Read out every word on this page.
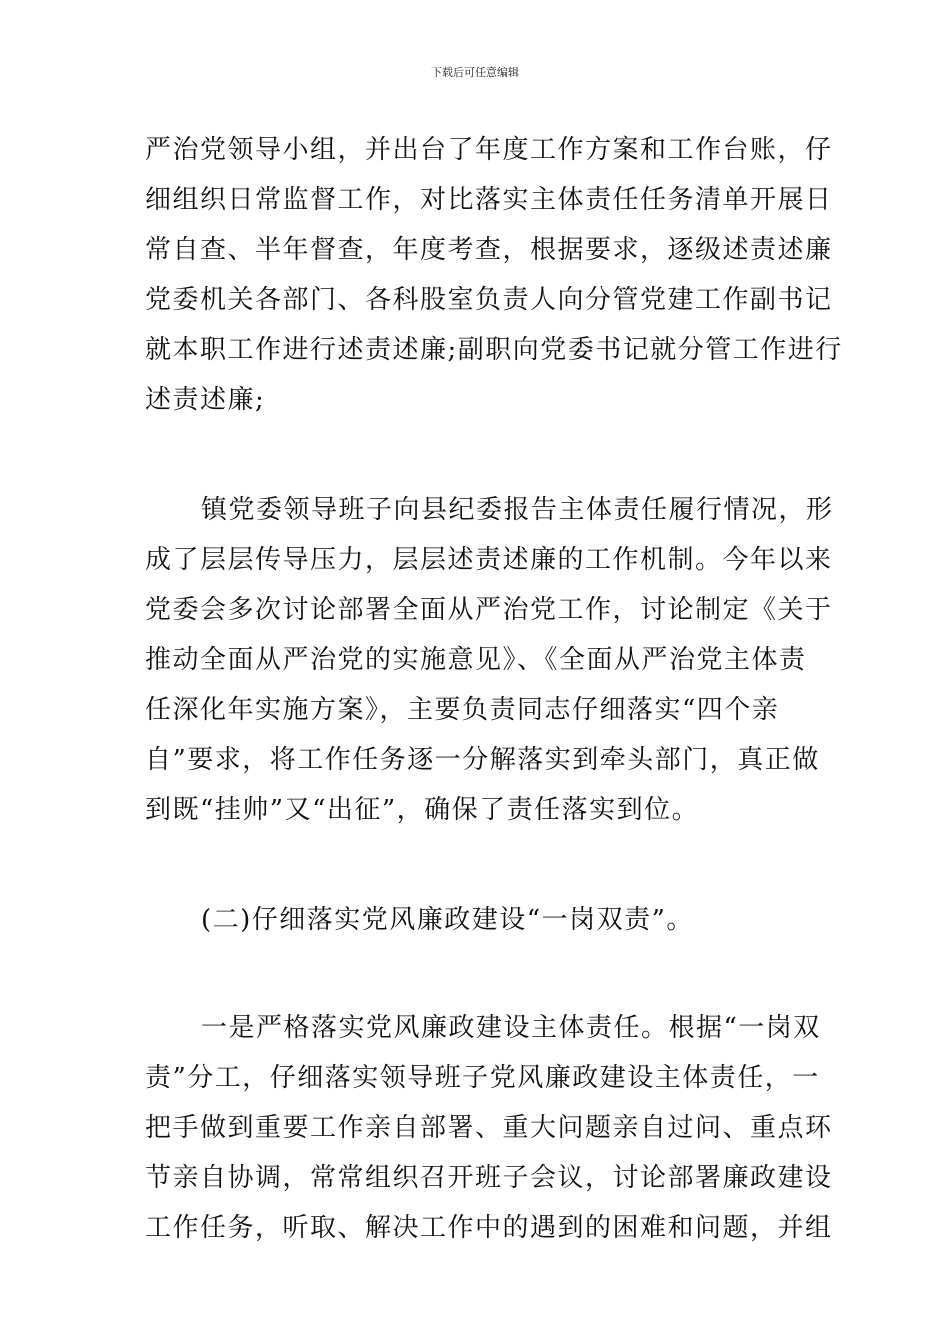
下载后可任意编辑

严治党领导小组，并出台了年度工作方案和工作台账，仔
细组织日常监督工作，对比落实主体责任任务清单开展日
常自查、半年督查，年度考查，根据要求，逐级述责述廉
党委机关各部门、各科股室负责人向分管党建工作副书记
就本职工作进行述责述廉;副职向党委书记就分管工作进行
述责述廉;

镇党委领导班子向县纪委报告主体责任履行情况，形
成了层层传导压力，层层述责述廉的工作机制。今年以来
党委会多次讨论部署全面从严治党工作，讨论制定《关于
推动全面从严治党的实施意见》、《全面从严治党主体责
任深化年实施方案》，主要负责同志仔细落实“四个亲
自”要求，将工作任务逐一分解落实到牵头部门，真正做
到既“挂帅”又“出征”，确保了责任落实到位。

(二)仔细落实党风廉政建设“一岗双责”。

一是严格落实党风廉政建设主体责任。根据“一岗双
责”分工，仔细落实领导班子党风廉政建设主体责任，一
把手做到重要工作亲自部署、重大问题亲自过问、重点环
节亲自协调，常常组织召开班子会议，讨论部署廉政建设
工作任务，听取、解决工作中的遇到的困难和问题，并组
